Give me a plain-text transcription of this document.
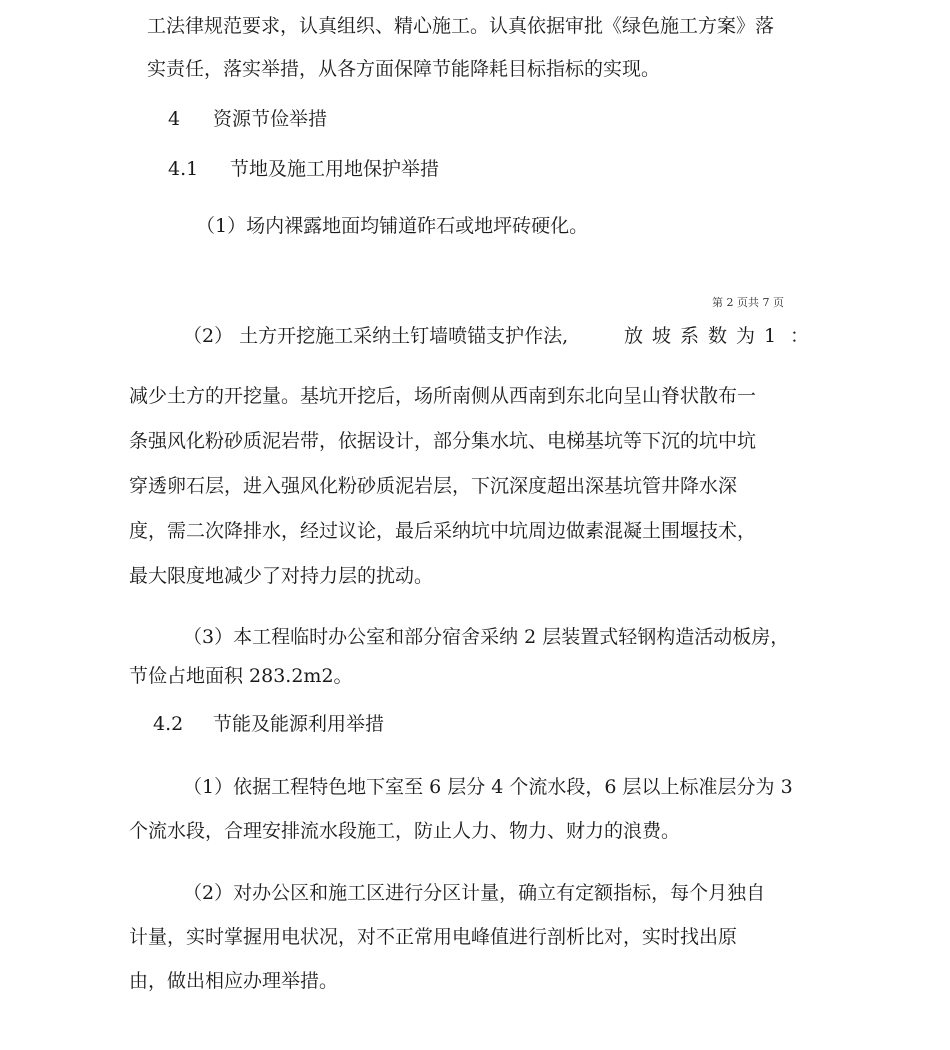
工法律规范要求，认真组织、精心施工。认真依据审批《绿色施工方案》落
实责任，落实举措，从各方面保障节能降耗目标指标的实现。
4 资源节俭举措
4.1 节地及施工用地保护举措
（1）场内裸露地面均铺道砟石或地坪砖硬化。
第 2 页共 7 页
（2） 土方开挖施工采纳土钉墙喷锚支护作法,	放坡系数为1 ：
减少土方的开挖量。基坑开挖后，场所南侧从西南到东北向呈山脊状散布一
条强风化粉砂质泥岩带，依据设计，部分集水坑、电梯基坑等下沉的坑中坑
穿透卵石层，进入强风化粉砂质泥岩层，下沉深度超出深基坑管井降水深
度，需二次降排水，经过议论，最后采纳坑中坑周边做素混凝土围堰技术，
最大限度地减少了对持力层的扰动。
（3）本工程临时办公室和部分宿舍采纳 2 层装置式轻钢构造活动板房，
节俭占地面积 283.2m2。
4.2 节能及能源利用举措
（1）依据工程特色地下室至 6 层分 4 个流水段，6 层以上标准层分为 3
个流水段，合理安排流水段施工，防止人力、物力、财力的浪费。
（2）对办公区和施工区进行分区计量，确立有定额指标，每个月独自
计量，实时掌握用电状况，对不正常用电峰值进行剖析比对，实时找出原
由，做出相应办理举措。
